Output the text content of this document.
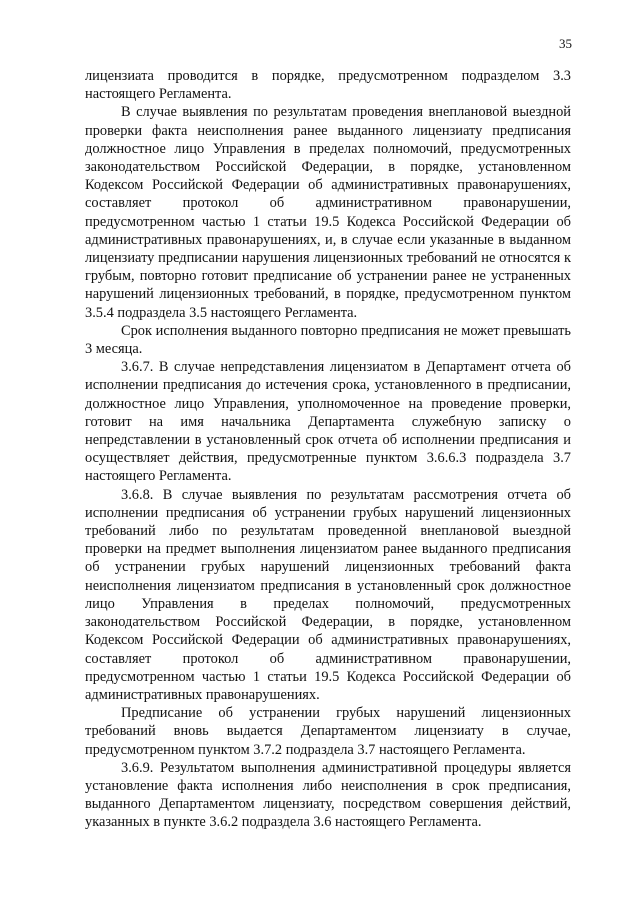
35

лицензиата проводится в порядке, предусмотренном подразделом 3.3 настоящего Регламента.

В случае выявления по результатам проведения внеплановой выездной проверки факта неисполнения ранее выданного лицензиату предписания должностное лицо Управления в пределах полномочий, предусмотренных законодательством Российской Федерации, в порядке, установленном Кодексом Российской Федерации об административных правонарушениях, составляет протокол об административном правонарушении, предусмотренном частью 1 статьи 19.5 Кодекса Российской Федерации об административных правонарушениях, и, в случае если указанные в выданном лицензиату предписании нарушения лицензионных требований не относятся к грубым, повторно готовит предписание об устранении ранее не устраненных нарушений лицензионных требований, в порядке, предусмотренном пунктом 3.5.4 подраздела 3.5 настоящего Регламента.

Срок исполнения выданного повторно предписания не может превышать 3 месяца.

3.6.7. В случае непредставления лицензиатом в Департамент отчета об исполнении предписания до истечения срока, установленного в предписании, должностное лицо Управления, уполномоченное на проведение проверки, готовит на имя начальника Департамента служебную записку о непредставлении в установленный срок отчета об исполнении предписания и осуществляет действия, предусмотренные пунктом 3.6.6.3 подраздела 3.7 настоящего Регламента.

3.6.8. В случае выявления по результатам рассмотрения отчета об исполнении предписания об устранении грубых нарушений лицензионных требований либо по результатам проведенной внеплановой выездной проверки на предмет выполнения лицензиатом ранее выданного предписания об устранении грубых нарушений лицензионных требований факта неисполнения лицензиатом предписания в установленный срок должностное лицо Управления в пределах полномочий, предусмотренных законодательством Российской Федерации, в порядке, установленном Кодексом Российской Федерации об административных правонарушениях, составляет протокол об административном правонарушении, предусмотренном частью 1 статьи 19.5 Кодекса Российской Федерации об административных правонарушениях.

Предписание об устранении грубых нарушений лицензионных требований вновь выдается Департаментом лицензиату в случае, предусмотренном пунктом 3.7.2 подраздела 3.7 настоящего Регламента.

3.6.9. Результатом выполнения административной процедуры является установление факта исполнения либо неисполнения в срок предписания, выданного Департаментом лицензиату, посредством совершения действий, указанных в пункте 3.6.2 подраздела 3.6 настоящего Регламента.
